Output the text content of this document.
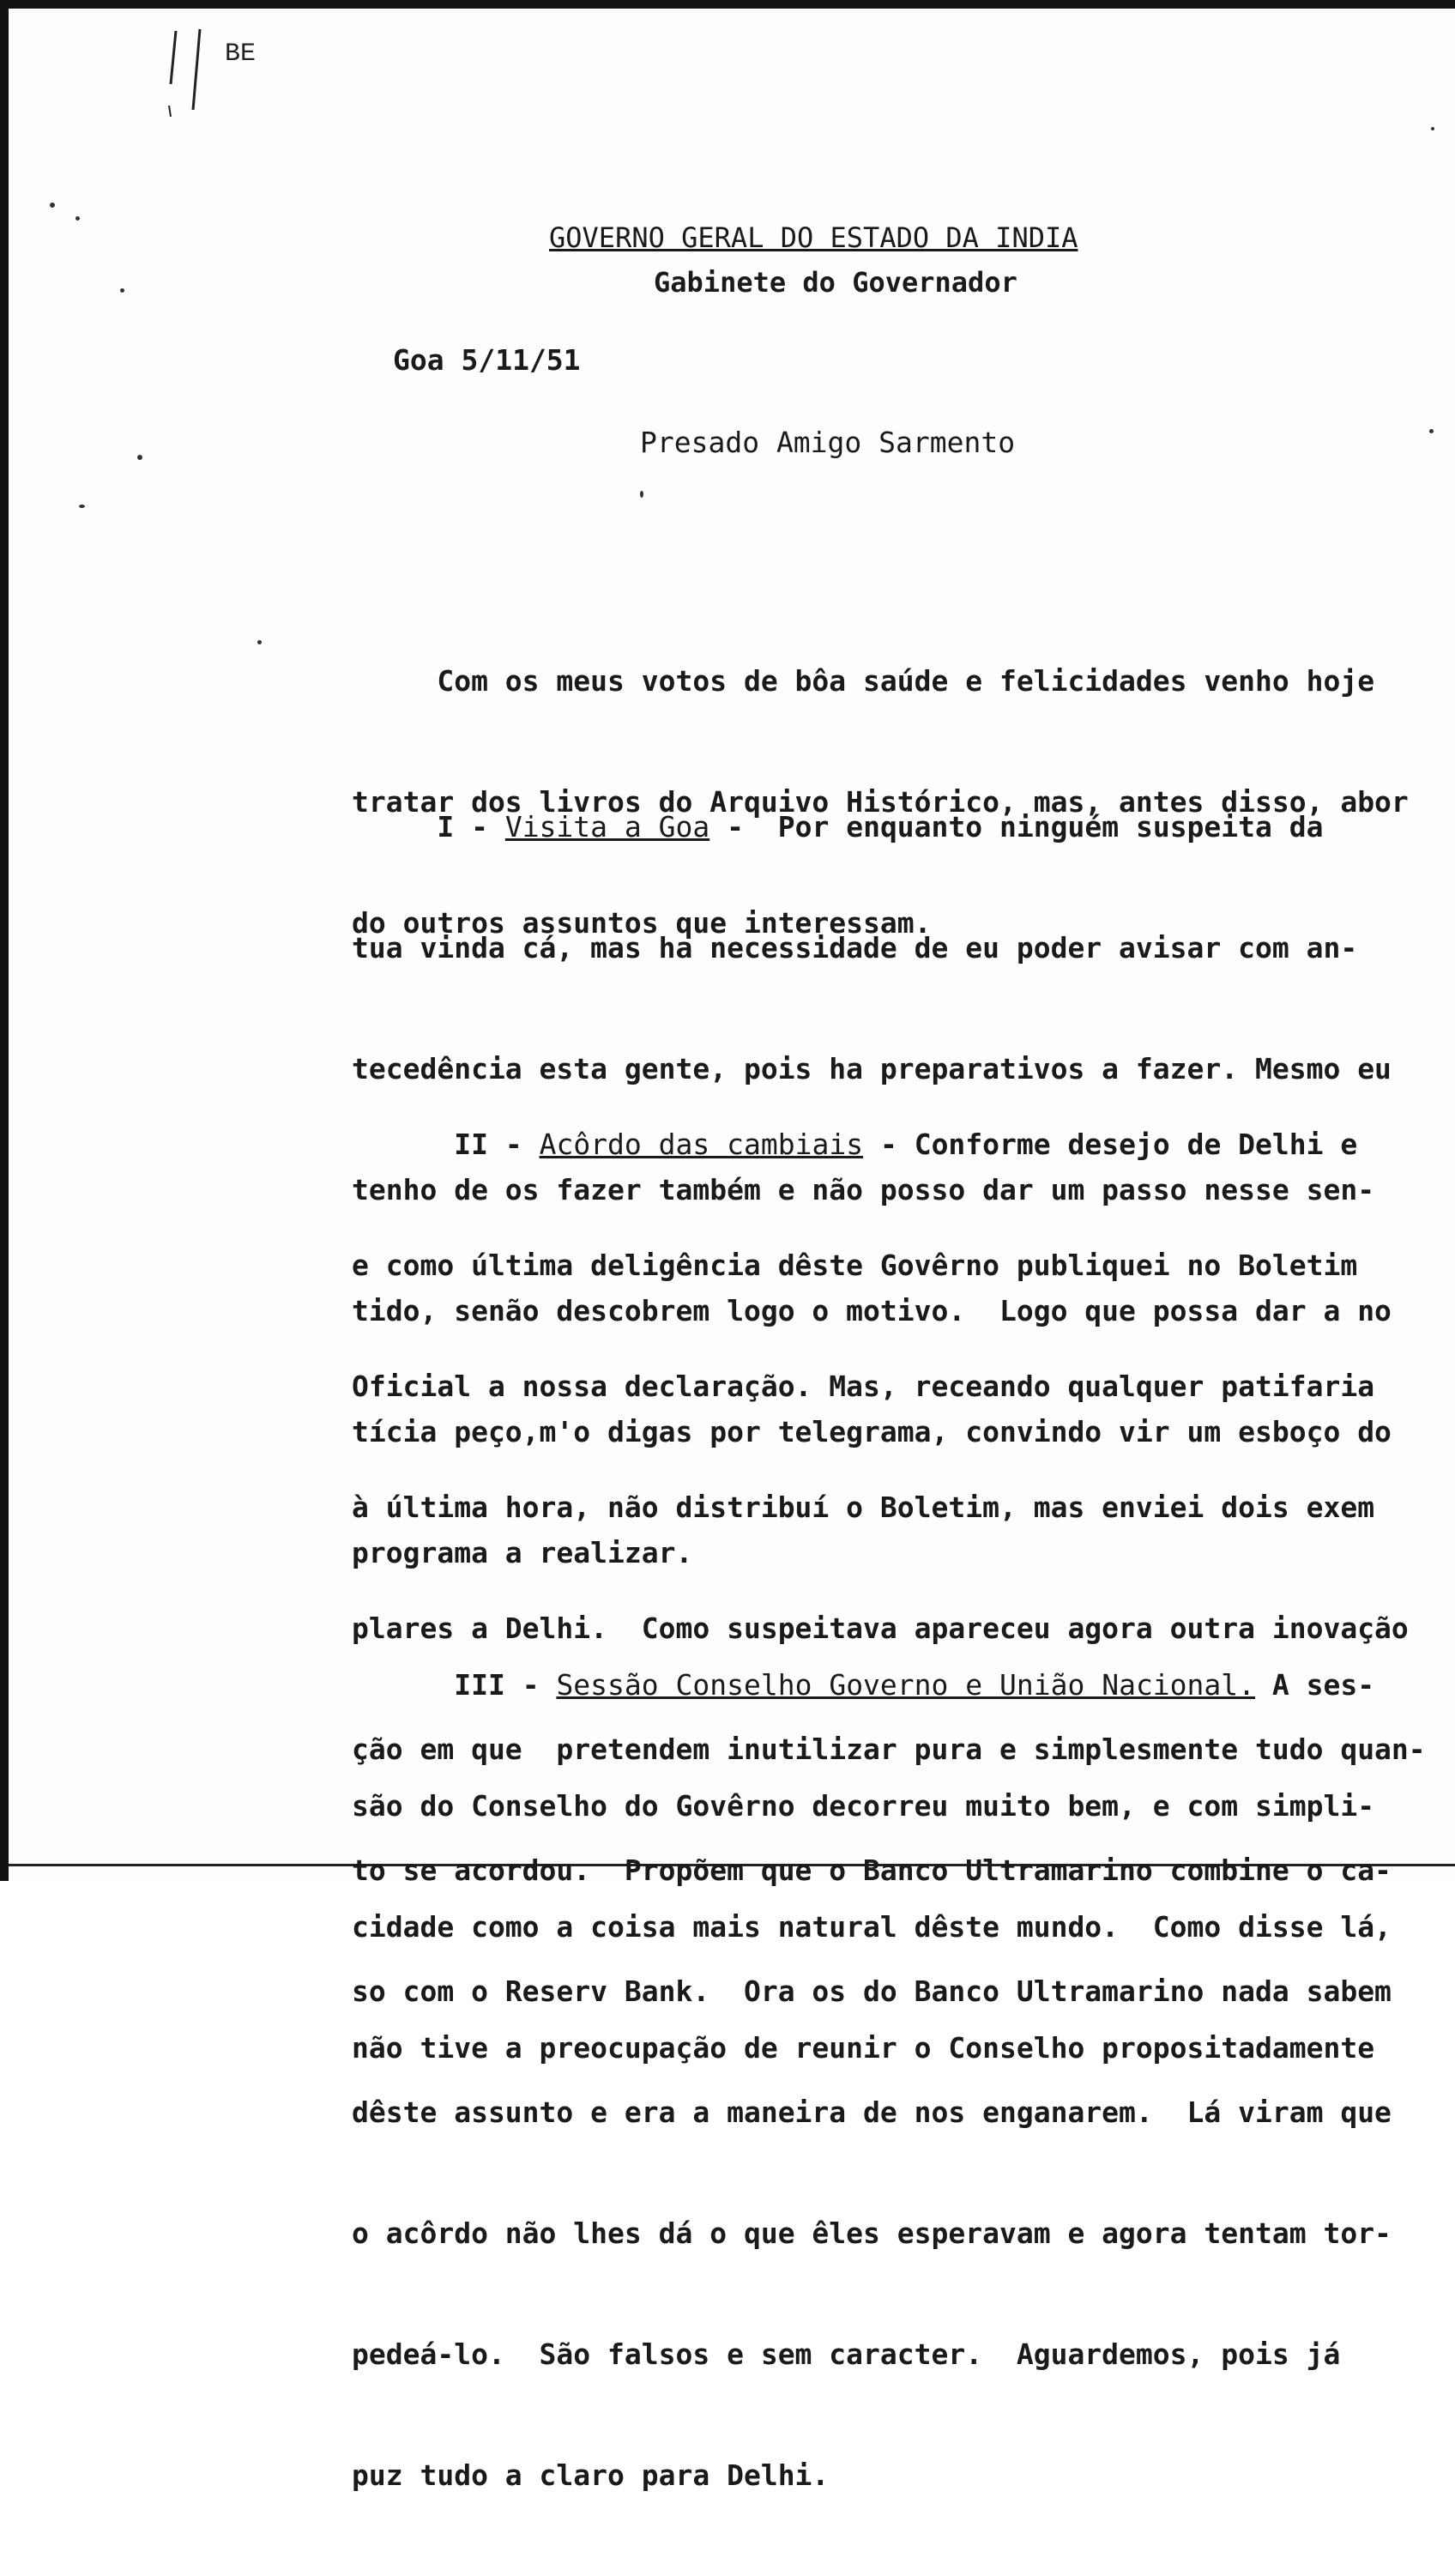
BE
GOVERNO GERAL DO ESTADO DA INDIA
Gabinete do Governador
Goa 5/11/51
Presado Amigo Sarmento

Com os meus votos de bôa saúde e felicidades venho hoje

tratar dos livros do Arquivo Histórico, mas, antes disso, abor

do outros assuntos que interessam.

I - Visita a Goa -  Por enquanto ninguém suspeita da

tua vinda cá, mas ha necessidade de eu poder avisar com an-

tecedência esta gente, pois ha preparativos a fazer. Mesmo eu

tenho de os fazer também e não posso dar um passo nesse sen-

tido, senão descobrem logo o motivo.  Logo que possa dar a no

tícia peço,m'o digas por telegrama, convindo vir um esboço do

programa a realizar.

II - Acôrdo das cambiais - Conforme desejo de Delhi e

e como última deligência dêste Govêrno publiquei no Boletim

Oficial a nossa declaração. Mas, receando qualquer patifaria

à última hora, não distribuí o Boletim, mas enviei dois exem

plares a Delhi.  Como suspeitava apareceu agora outra inovação

ção em que  pretendem inutilizar pura e simplesmente tudo quan-

to se acordou.  Propõem que o Banco Ultramarino combine o ca-

so com o Reserv Bank.  Ora os do Banco Ultramarino nada sabem

dêste assunto e era a maneira de nos enganarem.  Lá viram que

o acôrdo não lhes dá o que êles esperavam e agora tentam tor-

pedeá-lo.  São falsos e sem caracter.  Aguardemos, pois já

puz tudo a claro para Delhi.

III - Sessão Conselho Governo e União Nacional. A ses-

são do Conselho do Govêrno decorreu muito bem, e com simpli-

cidade como a coisa mais natural dêste mundo.  Como disse lá,

não tive a preocupação de reunir o Conselho propositadamente
